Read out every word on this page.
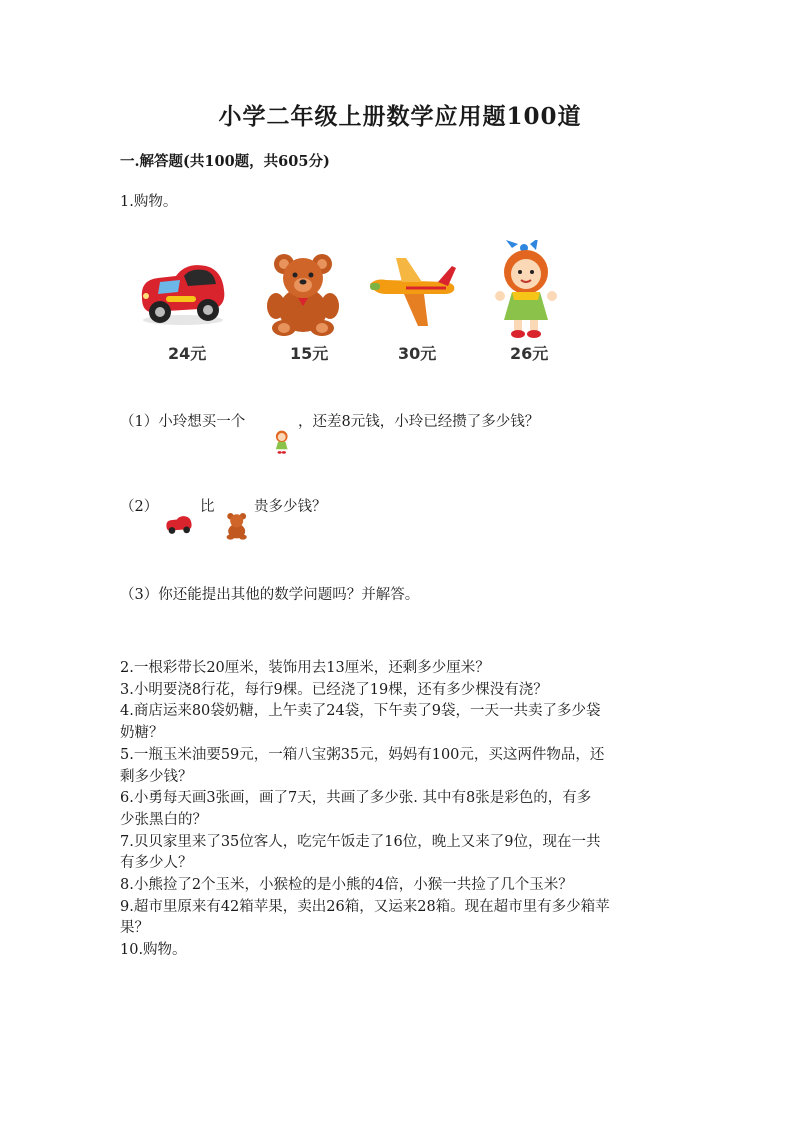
小学二年级上册数学应用题100道
一.解答题(共100题，共605分)
1.购物。
24元	15元	30元	26元
（1）小玲想买一个	，还差8元钱，小玲已经攒了多少钱？
（2）	比	贵多少钱？
（3）你还能提出其他的数学问题吗？并解答。
2.一根彩带长20厘米，装饰用去13厘米，还剩多少厘米？
3.小明要浇8行花，每行9棵。已经浇了19棵，还有多少棵没有浇？
4.商店运来80袋奶糖，上午卖了24袋，下午卖了9袋，一天一共卖了多少袋
奶糖？
5.一瓶玉米油要59元，一箱八宝粥35元，妈妈有100元，买这两件物品，还
剩多少钱？
6.小勇每天画3张画，画了7天，共画了多少张. 其中有8张是彩色的，有多
少张黑白的？
7.贝贝家里来了35位客人，吃完午饭走了16位，晚上又来了9位，现在一共
有多少人？
8.小熊捡了2个玉米，小猴检的是小熊的4倍，小猴一共捡了几个玉米？
9.超市里原来有42箱苹果，卖出26箱，又运来28箱。现在超市里有多少箱苹
果？
10.购物。
